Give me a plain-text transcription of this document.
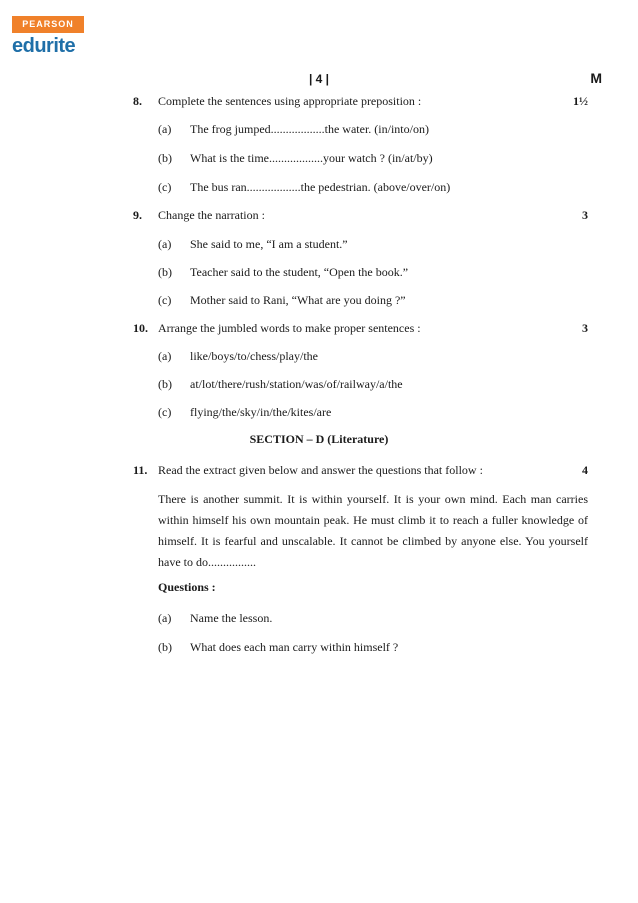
PEARSON
edurite
| 4 |	M
8. Complete the sentences using appropriate preposition :	1½
(a) The frog jumped..................the water. (in/into/on)
(b) What is the time..................your watch ? (in/at/by)
(c) The bus ran..................the pedestrian. (above/over/on)
9. Change the narration :	3
(a) She said to me, “I am a student.”
(b) Teacher said to the student, “Open the book.”
(c) Mother said to Rani, “What are you doing ?”
10. Arrange the jumbled words to make proper sentences :	3
(a) like/boys/to/chess/play/the
(b) at/lot/there/rush/station/was/of/railway/a/the
(c) flying/the/sky/in/the/kites/are
SECTION – D (Literature)
11. Read the extract given below and answer the questions that follow :	4
There is another summit. It is within yourself. It is your own mind. Each man carries within himself his own mountain peak. He must climb it to reach a fuller knowledge of himself. It is fearful and unscalable. It cannot be climbed by anyone else. You yourself have to do................
Questions :
(a) Name the lesson.
(b) What does each man carry within himself ?
